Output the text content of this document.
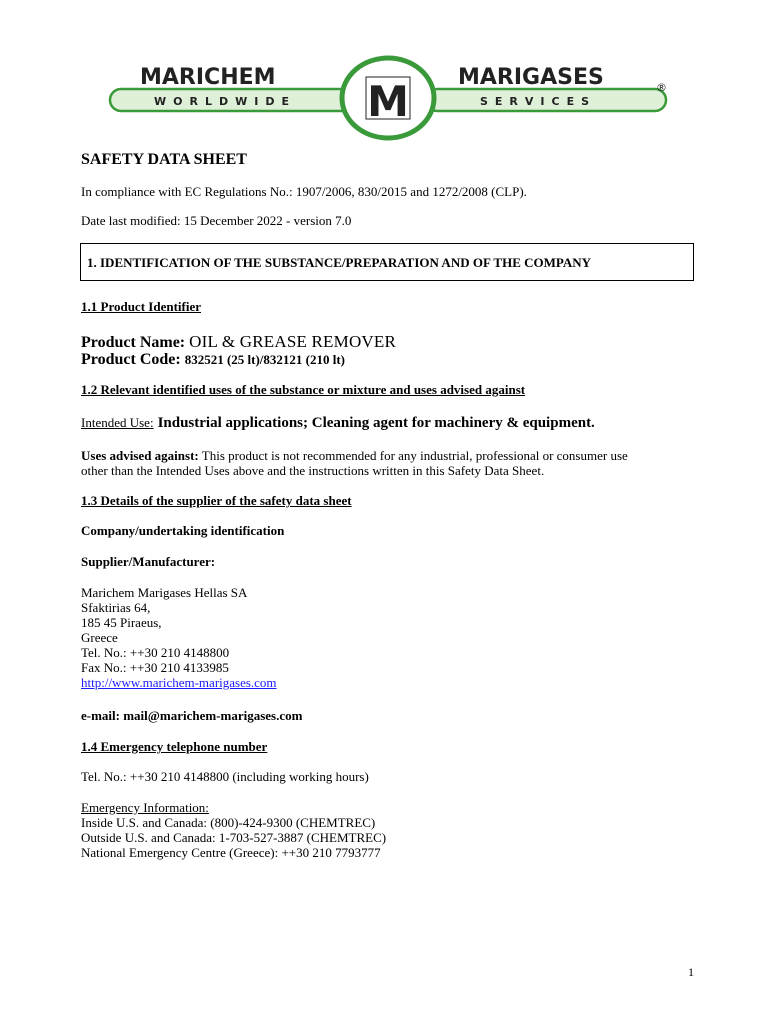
M
MARICHEM
WORLDWIDE
MARIGASES
SERVICES
®
SAFETY DATA SHEET
In compliance with EC Regulations No.: 1907/2006, 830/2015 and 1272/2008 (CLP).
Date last modified: 15 December 2022 - version 7.0
1. IDENTIFICATION OF THE SUBSTANCE/PREPARATION AND OF THE COMPANY
1.1 Product Identifier
Product Name: OIL & GREASE REMOVER
Product Code: 832521 (25 lt)/832121 (210 lt)
1.2 Relevant identified uses of the substance or mixture and uses advised against
Intended Use: Industrial applications; Cleaning agent for machinery & equipment.
Uses advised against: This product is not recommended for any industrial, professional or consumer use
other than the Intended Uses above and the instructions written in this Safety Data Sheet.
1.3 Details of the supplier of the safety data sheet
Company/undertaking identification
Supplier/Manufacturer:
Marichem Marigases Hellas SA
Sfaktirias 64,
185 45 Piraeus,
Greece
Tel. No.: ++30 210 4148800
Fax No.: ++30 210 4133985
http://www.marichem-marigases.com
e-mail: mail@marichem-marigases.com
1.4 Emergency telephone number
Tel. No.: ++30 210 4148800 (including working hours)
Emergency Information:
Inside U.S. and Canada: (800)-424-9300 (CHEMTREC)
Outside U.S. and Canada: 1-703-527-3887 (CHEMTREC)
National Emergency Centre (Greece): ++30 210 7793777
1
